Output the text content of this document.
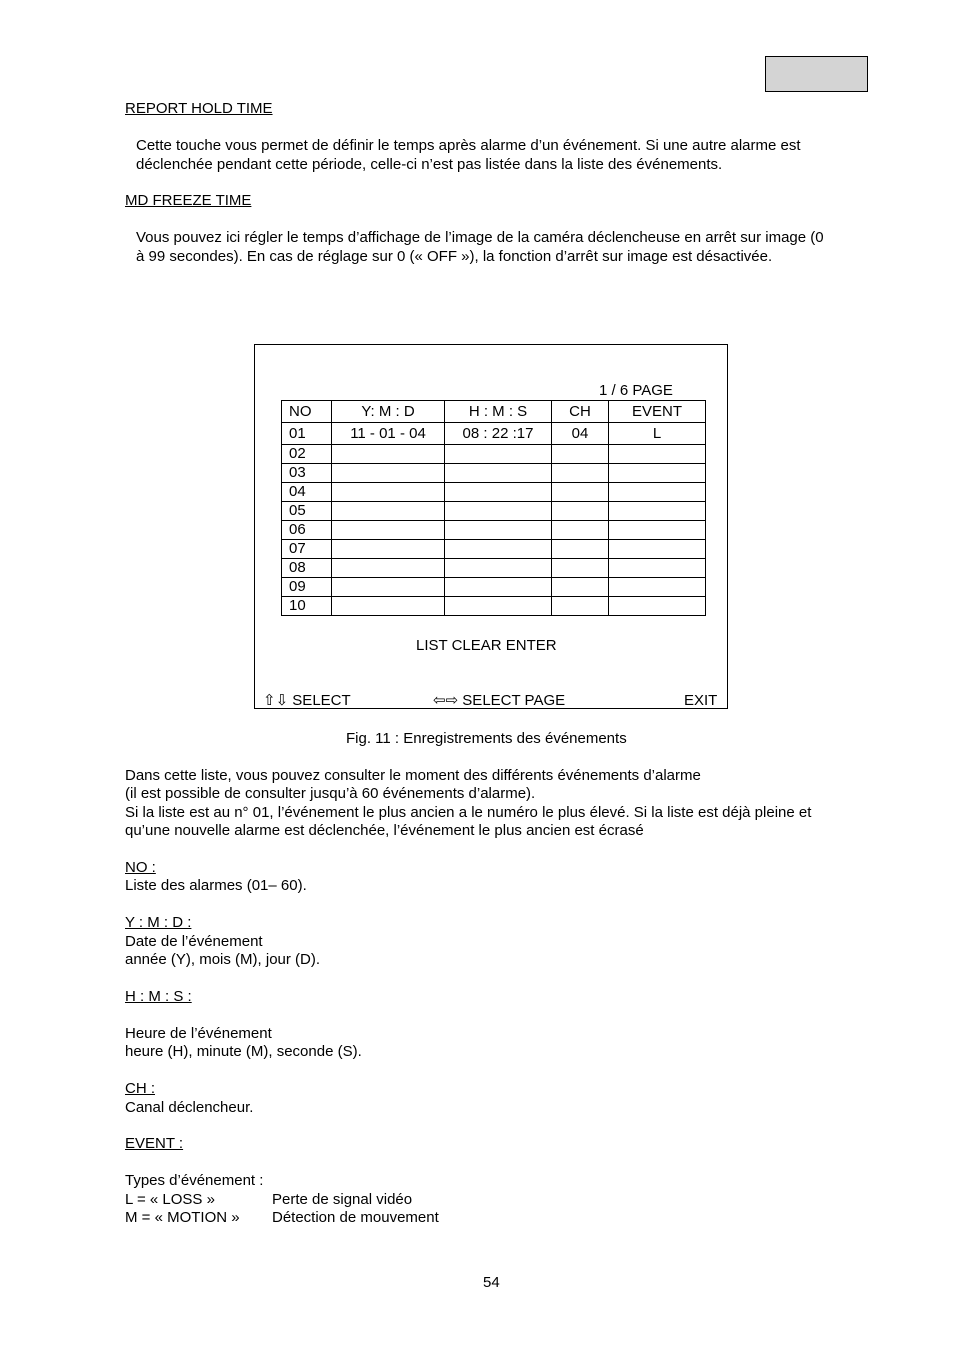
REPORT HOLD TIME
Cette touche vous permet de définir le temps après alarme d’un événement. Si une autre alarme est
déclenchée pendant cette période, celle-ci n’est pas listée dans la liste des événements.
MD FREEZE TIME
Vous pouvez ici régler le temps d’affichage de l’image de la caméra déclencheuse en arrêt sur image (0
à 99 secondes). En cas de réglage sur 0 (« OFF »), la fonction d’arrêt sur image est désactivée.
1 / 6 PAGE
NO	Y: M : D	H : M : S	CH	EVENT
01	11 - 01 - 04	08 : 22 :17	04	L
02				
03				
04				
05				
06				
07				
08				
09				
10				
LIST CLEAR ENTER
⇧⇩ SELECT	⇦⇨ SELECT PAGE	EXIT
Fig. 11 : Enregistrements des événements
Dans cette liste, vous pouvez consulter le moment des différents événements d’alarme
(il est possible de consulter jusqu’à 60 événements d’alarme).
Si la liste est au n° 01, l’événement le plus ancien a le numéro le plus élevé. Si la liste est déjà pleine et
qu’une nouvelle alarme est déclenchée, l’événement le plus ancien est écrasé
NO :
Liste des alarmes (01– 60).
Y : M : D :
Date de l’événement
année (Y), mois (M), jour (D).
H : M : S :
Heure de l’événement
heure (H), minute (M), seconde (S).
CH :
Canal déclencheur.
EVENT :
Types d’événement :
L = « LOSS »	Perte de signal vidéo
M = « MOTION » Détection de mouvement
54
